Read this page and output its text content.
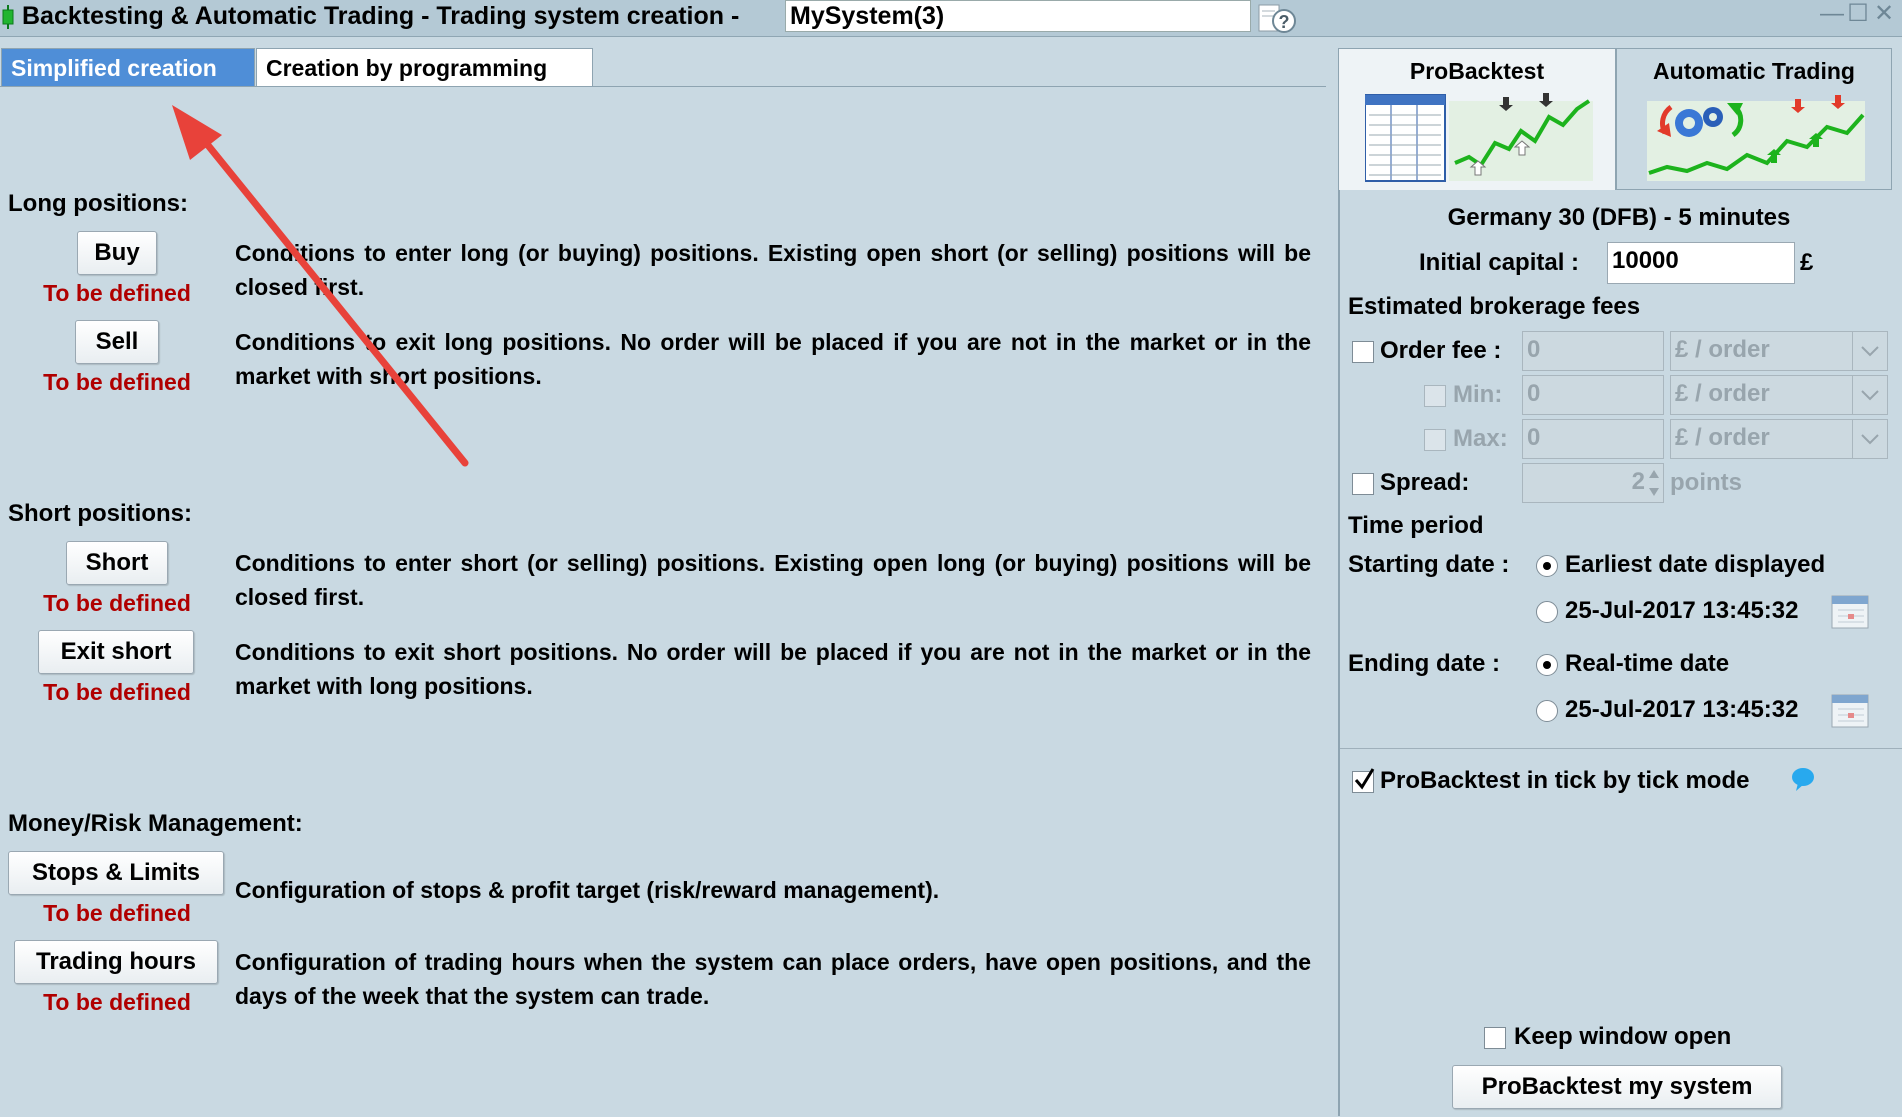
Backtesting & Automatic Trading - Trading system creation - MySystem(3)	?	— ☐ ✕
Simplified creation	Creation by programming
Long positions:
Buy
To be defined
Conditions to enter long (or buying) positions. Existing open short (or selling) positions will be closed first.
Sell
To be defined
Conditions to exit long positions. No order will be placed if you are not in the market or in the market with short positions.
Short positions:
Short
To be defined
Conditions to enter short (or selling) positions. Existing open long (or buying) positions will be closed first.
Exit short
To be defined
Conditions to exit short positions. No order will be placed if you are not in the market or in the market with long positions.
Money/Risk Management:
Stops & Limits
To be defined
Configuration of stops & profit target (risk/reward management).
Trading hours
To be defined
Configuration of trading hours when the system can place orders, have open positions, and the days of the week that the system can trade.
ProBacktest	Automatic Trading
Germany 30 (DFB) - 5 minutes
Initial capital : 10000	£
Estimated brokerage fees
Order fee : 0	£ / order
Min: 0	£ / order
Max: 0	£ / order
Spread:	2	points
Time period
Starting date : Earliest date displayed
25-Jul-2017 13:45:32
Ending date :	Real-time date
25-Jul-2017 13:45:32
ProBacktest in tick by tick mode
Keep window open
ProBacktest my system
